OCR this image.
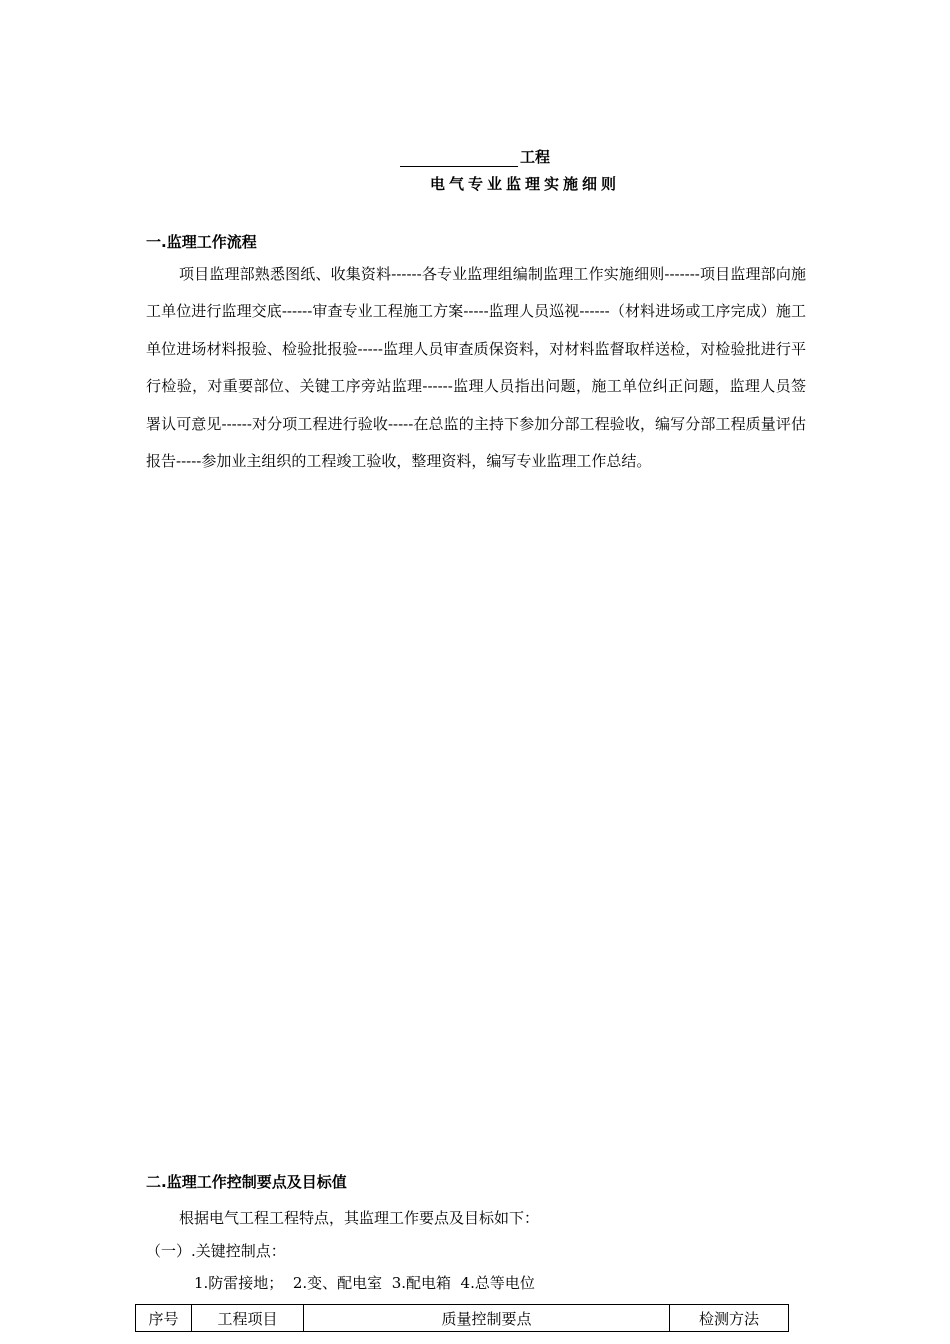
工程
电气专业监理实施细则
一.监理工作流程
项目监理部熟悉图纸、收集资料------各专业监理组编制监理工作实施细则-------项目监理部向施工单位进行监理交底------审查专业工程施工方案-----监理人员巡视------（材料进场或工序完成）施工单位进场材料报验、检验批报验-----监理人员审查质保资料，对材料监督取样送检，对检验批进行平行检验，对重要部位、关键工序旁站监理------监理人员指出问题，施工单位纠正问题，监理人员签署认可意见------对分项工程进行验收-----在总监的主持下参加分部工程验收，编写分部工程质量评估报告-----参加业主组织的工程竣工验收，整理资料，编写专业监理工作总结。
二.监理工作控制要点及目标值
根据电气工程工程特点，其监理工作要点及目标如下：
（一）.关键控制点：
1.防雷接地；  2.变、配电室  3.配电箱  4.总等电位
序号	工程项目	质量控制要点	检测方法
